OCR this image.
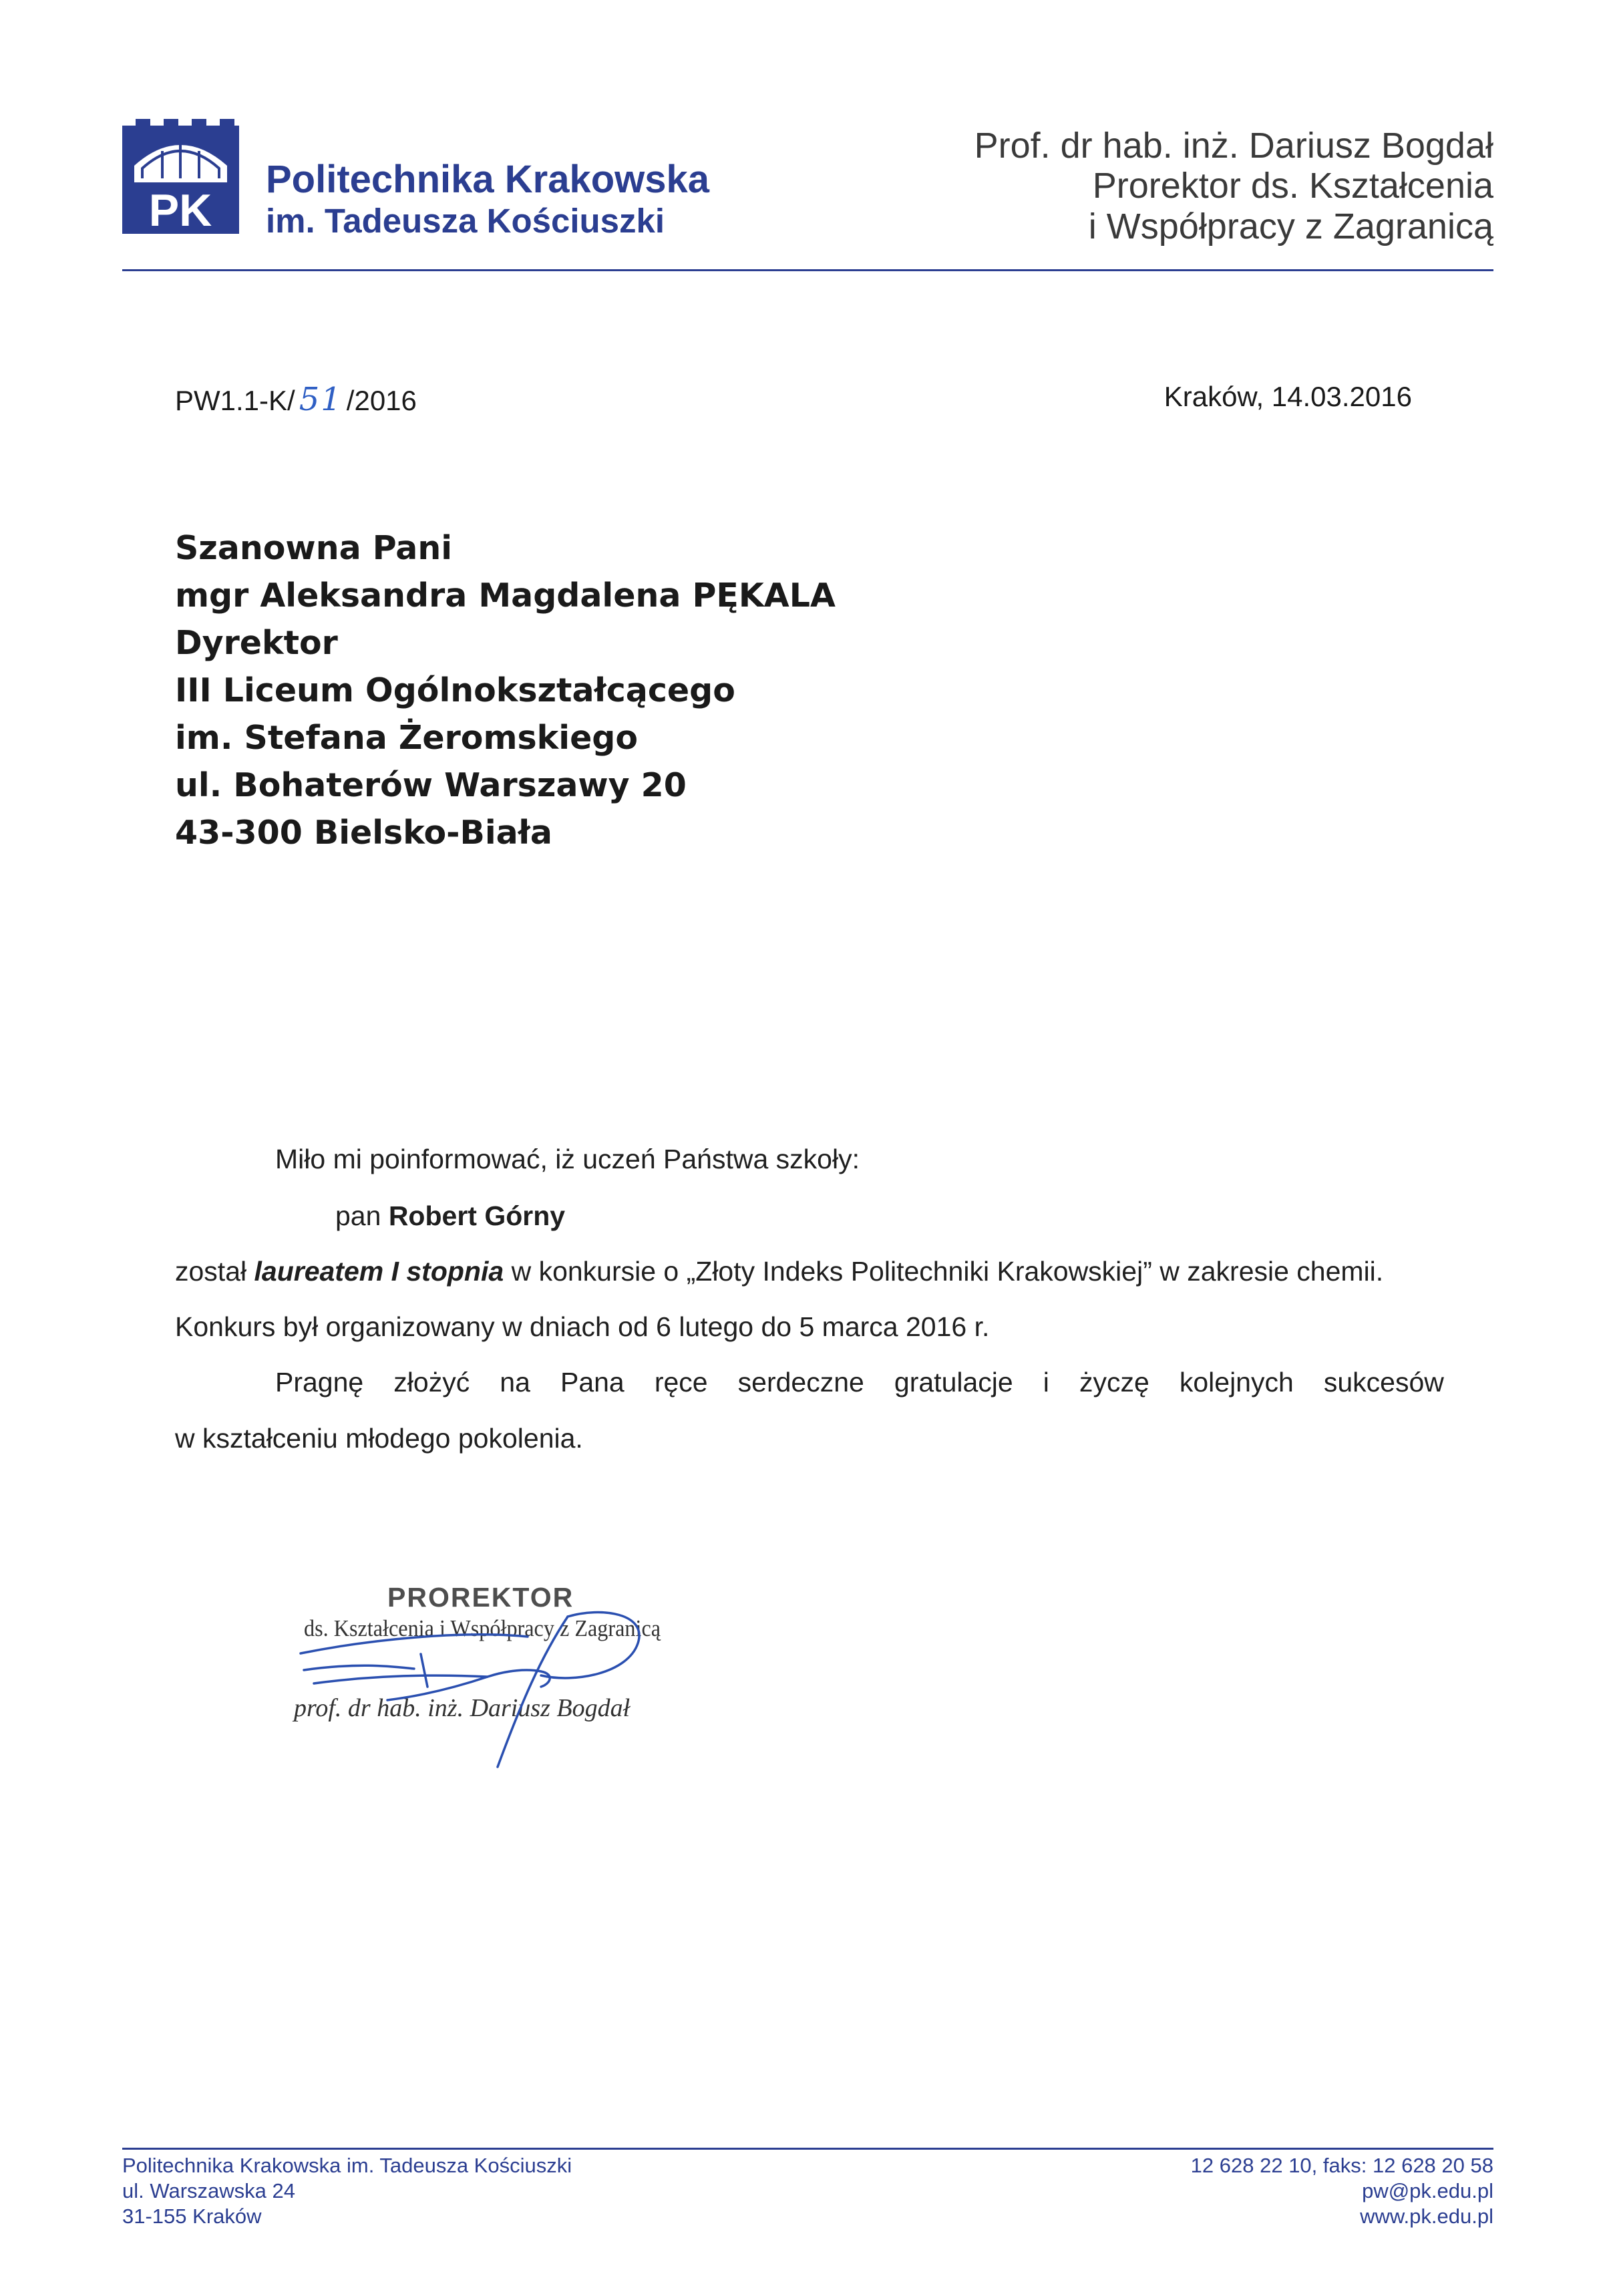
PK
Politechnika Krakowska
im. Tadeusza Kościuszki
Prof. dr hab. inż. Dariusz Bogdał
Prorektor ds. Kształcenia
i Współpracy z Zagranicą
PW1.1-K/ 51 /2016	Kraków, 14.03.2016
Szanowna Pani
mgr Aleksandra Magdalena PĘKALA
Dyrektor
III Liceum Ogólnokształcącego
im. Stefana Żeromskiego
ul. Bohaterów Warszawy 20
43-300 Bielsko-Biała
Miło mi poinformować, iż uczeń Państwa szkoły:
pan Robert Górny
został laureatem I stopnia w konkursie o „Złoty Indeks Politechniki Krakowskiej” w zakresie chemii.
Konkurs był organizowany w dniach od 6 lutego do 5 marca 2016 r.
Pragnę złożyć na Pana ręce serdeczne gratulacje i życzę kolejnych sukcesów
w kształceniu młodego pokolenia.
PROREKTOR
ds. Kształcenia i Współpracy z Zagranicą
prof. dr hab. inż. Dariusz Bogdał
Politechnika Krakowska im. Tadeusza Kościuszki
ul. Warszawska 24
31-155 Kraków
12 628 22 10, faks: 12 628 20 58
pw@pk.edu.pl
www.pk.edu.pl
